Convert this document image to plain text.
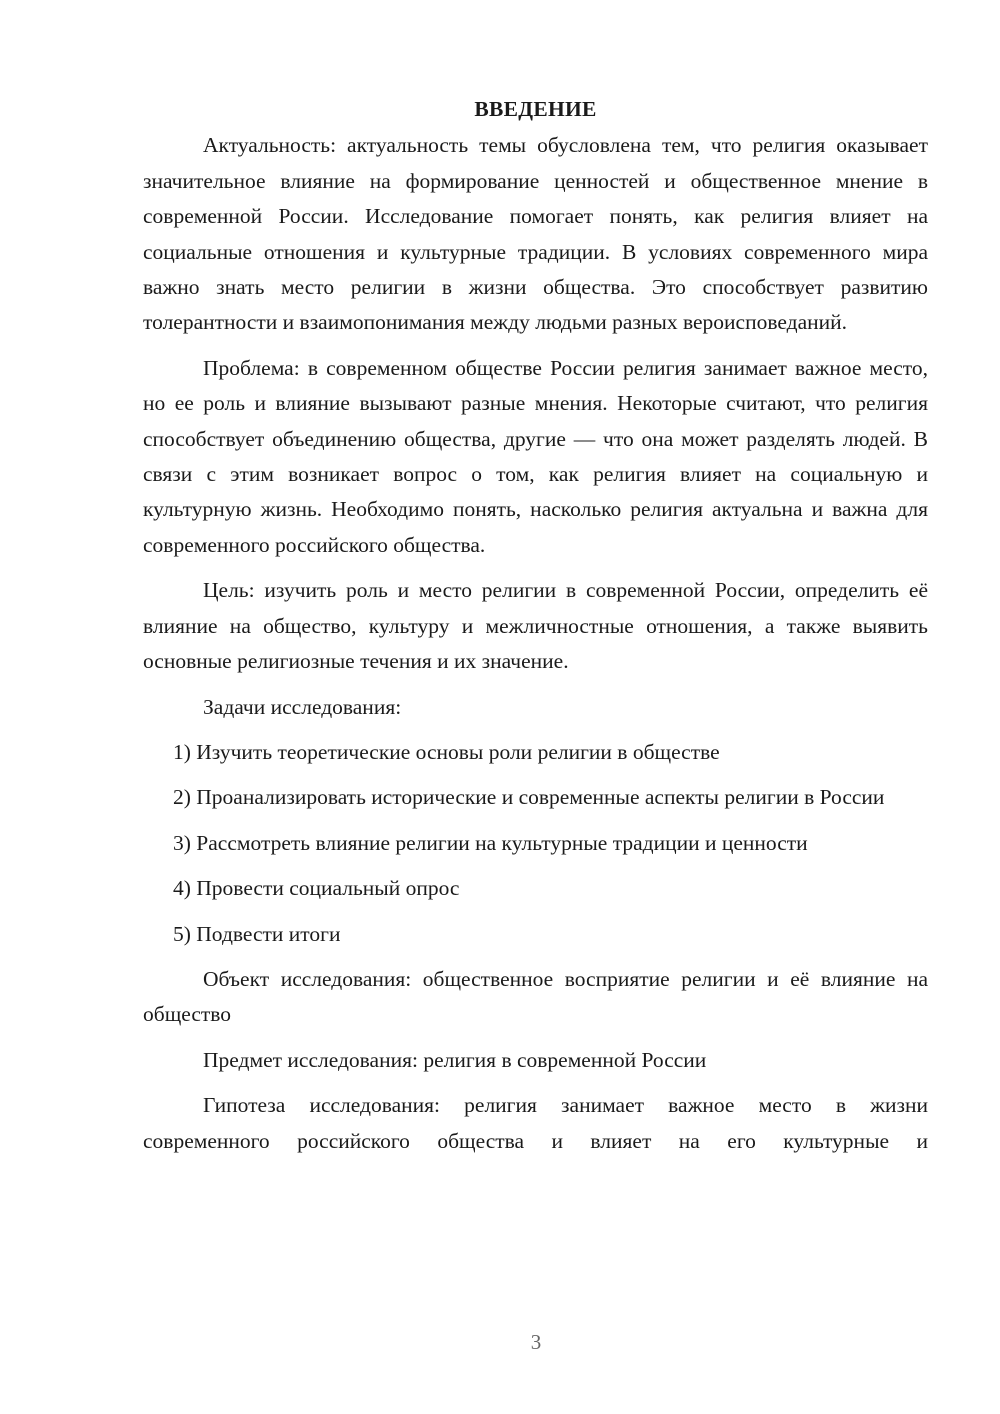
ВВЕДЕНИЕ

Актуальность: актуальность темы обусловлена тем, что религия оказывает значительное влияние на формирование ценностей и общественное мнение в современной России. Исследование помогает понять, как религия влияет на социальные отношения и культурные традиции. В условиях современного мира важно знать место религии в жизни общества. Это способствует развитию толерантности и взаимопонимания между людьми разных вероисповеданий.

Проблема: в современном обществе России религия занимает важное место, но ее роль и влияние вызывают разные мнения. Некоторые считают, что религия способствует объединению общества, другие — что она может разделять людей. В связи с этим возникает вопрос о том, как религия влияет на социальную и культурную жизнь. Необходимо понять, насколько религия актуальна и важна для современного российского общества.

Цель: изучить роль и место религии в современной России, определить её влияние на общество, культуру и межличностные отношения, а также выявить основные религиозные течения и их значение.

Задачи исследования:

1) Изучить теоретические основы роли религии в обществе

2) Проанализировать исторические и современные аспекты религии в России

3) Рассмотреть влияние религии на культурные традиции и ценности

4) Провести социальный опрос

5) Подвести итоги

Объект исследования: общественное восприятие религии и её влияние на общество

Предмет исследования: религия в современной России

Гипотеза исследования: религия занимает важное место в жизни современного российского общества и влияет на его культурные и

3
